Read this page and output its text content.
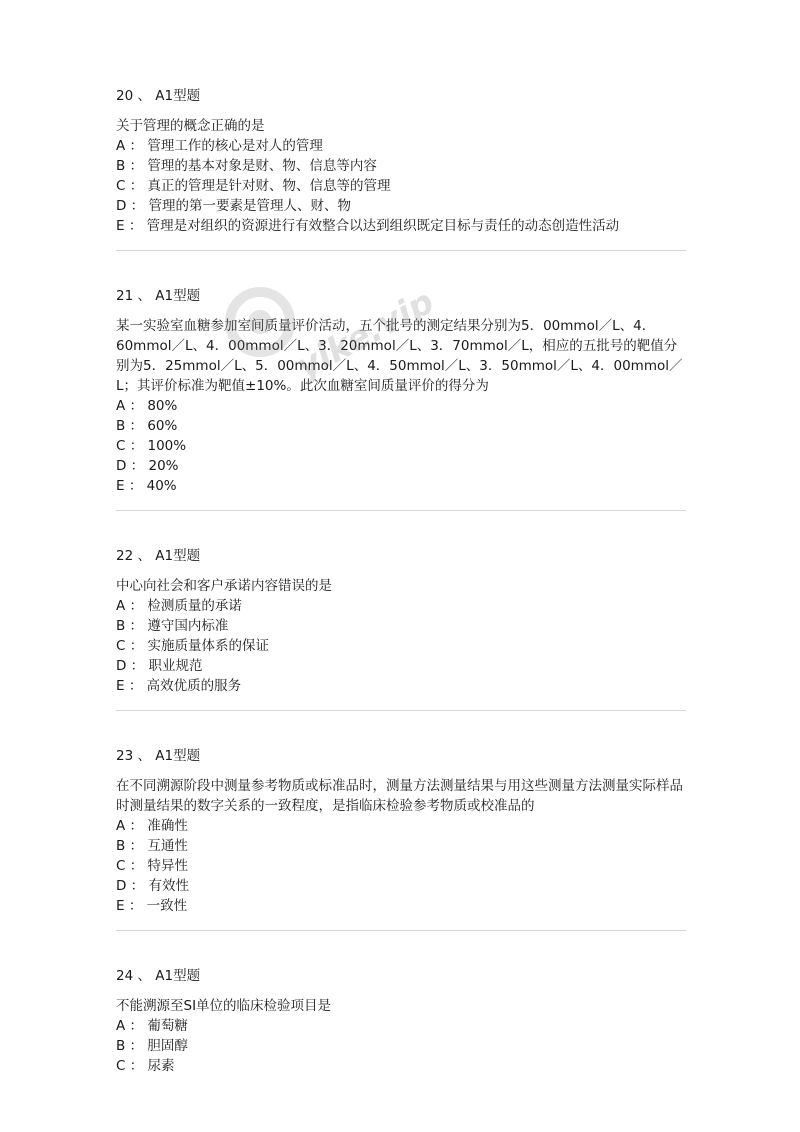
20 、 A1型题
关于管理的概念正确的是
A ： 管理工作的核心是对人的管理
B ： 管理的基本对象是财、物、信息等内容
C ： 真正的管理是针对财、物、信息等的管理
D ： 管理的第一要素是管理人、财、物
E ： 管理是对组织的资源进行有效整合以达到组织既定目标与责任的动态创造性活动
21 、 A1型题
某一实验室血糖参加室间质量评价活动，五个批号的测定结果分别为5．00mmol／L、4．60mmol／L、4．00mmol／L、3．20mmol／L、3．70mmol／L，相应的五批号的靶值分别为5．25mmol／L、5．00mmol／L、4．50mmol／L、3．50mmol／L、4．00mmol／L；其评价标准为靶值±10%。此次血糖室间质量评价的得分为
A ： 80%
B ： 60%
C ： 100%
D ： 20%
E ： 40%
22 、 A1型题
中心向社会和客户承诺内容错误的是
A ： 检测质量的承诺
B ： 遵守国内标准
C ： 实施质量体系的保证
D ： 职业规范
E ： 高效优质的服务
23 、 A1型题
在不同溯源阶段中测量参考物质或标准品时，测量方法测量结果与用这些测量方法测量实际样品时测量结果的数字关系的一致程度，是指临床检验参考物质或校准品的
A ： 准确性
B ： 互通性
C ： 特异性
D ： 有效性
E ： 一致性
24 、 A1型题
不能溯源至SI单位的临床检验项目是
A ： 葡萄糖
B ： 胆固醇
C ： 尿素
yike.vip
